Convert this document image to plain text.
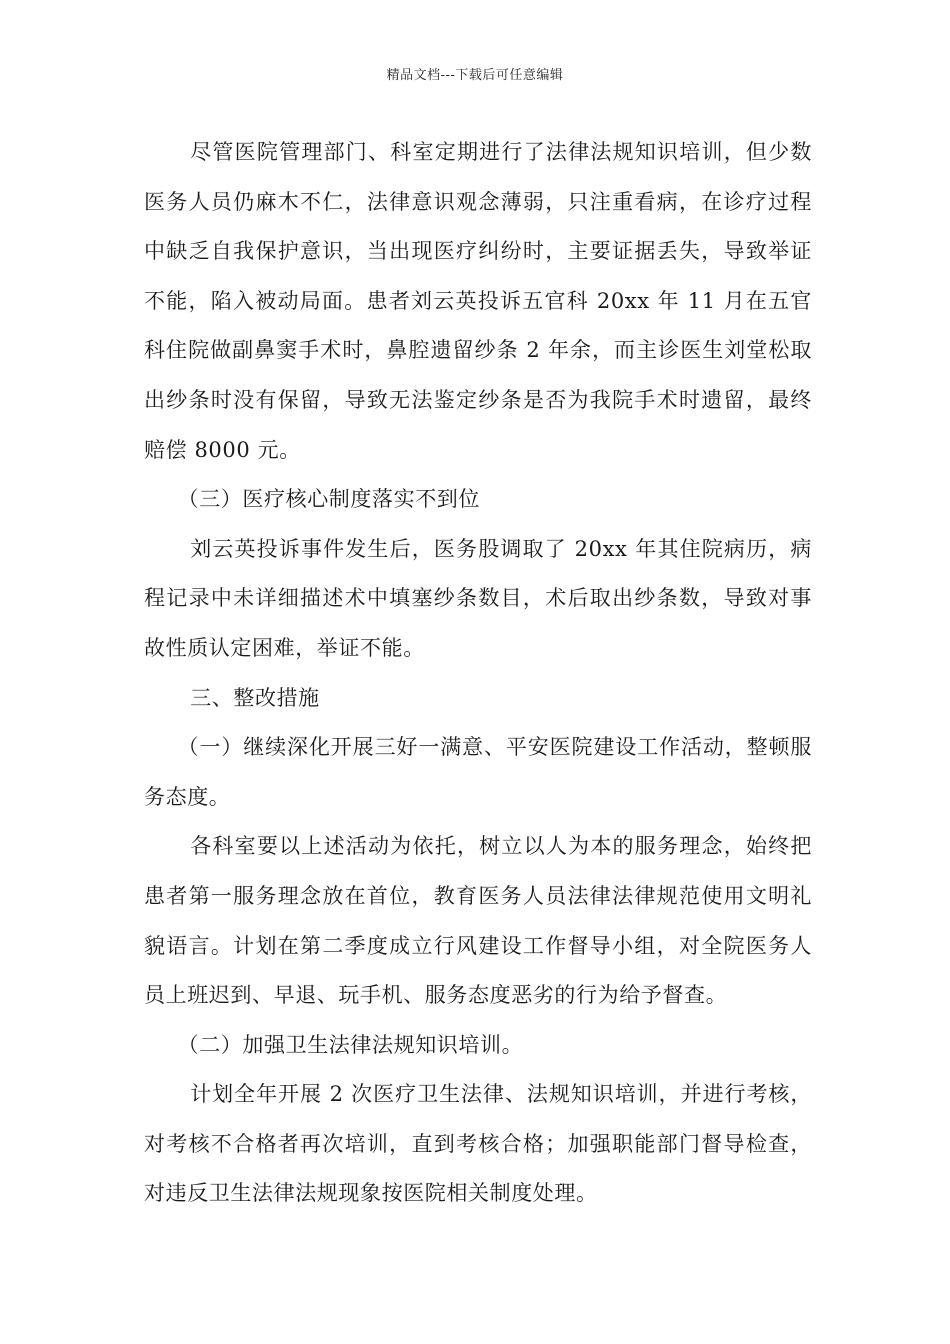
精品文档---下载后可任意编辑

尽管医院管理部门、科室定期进行了法律法规知识培训，但少数医务人员仍麻木不仁，法律意识观念薄弱，只注重看病，在诊疗过程中缺乏自我保护意识，当出现医疗纠纷时，主要证据丢失，导致举证不能，陷入被动局面。患者刘云英投诉五官科 20xx 年 11 月在五官科住院做副鼻窦手术时，鼻腔遗留纱条 2 年余，而主诊医生刘堂松取出纱条时没有保留，导致无法鉴定纱条是否为我院手术时遗留，最终赔偿 8000 元。

（三）医疗核心制度落实不到位

刘云英投诉事件发生后，医务股调取了 20xx 年其住院病历，病程记录中未详细描述术中填塞纱条数目，术后取出纱条数，导致对事故性质认定困难，举证不能。

三、整改措施

（一）继续深化开展三好一满意、平安医院建设工作活动，整顿服务态度。

各科室要以上述活动为依托，树立以人为本的服务理念，始终把患者第一服务理念放在首位，教育医务人员法律法律规范使用文明礼貌语言。计划在第二季度成立行风建设工作督导小组，对全院医务人员上班迟到、早退、玩手机、服务态度恶劣的行为给予督查。

（二）加强卫生法律法规知识培训。

计划全年开展 2 次医疗卫生法律、法规知识培训，并进行考核，对考核不合格者再次培训，直到考核合格；加强职能部门督导检查，对违反卫生法律法规现象按医院相关制度处理。
